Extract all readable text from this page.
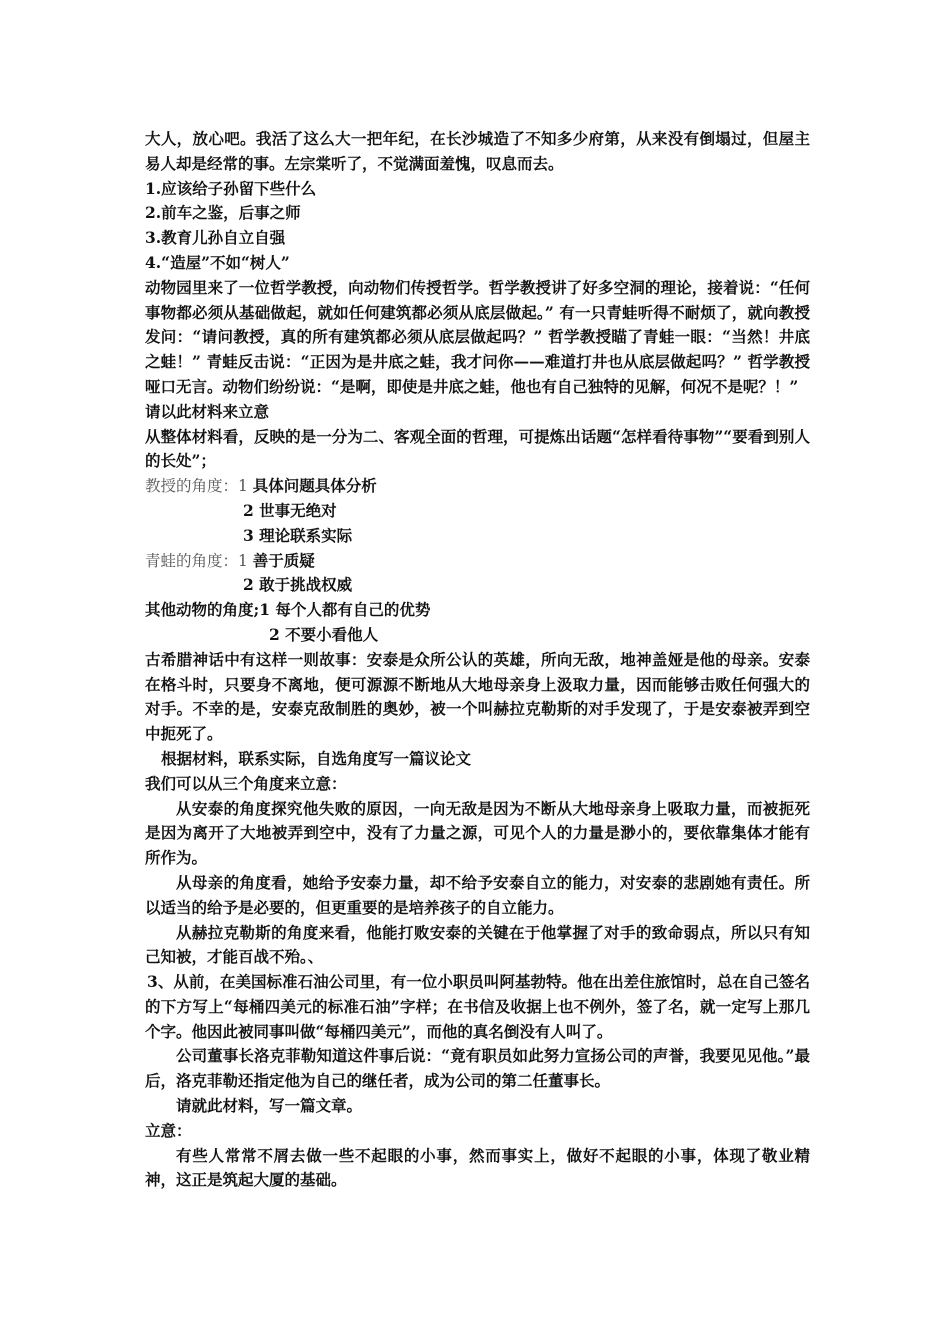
大人，放心吧。我活了这么大一把年纪，在长沙城造了不知多少府第，从来没有倒塌过，但屋主易人却是经常的事。左宗棠听了，不觉满面羞愧，叹息而去。

1.应该给子孙留下些什么

2.前车之鉴，后事之师

3.教育儿孙自立自强

4.“造屋”不如“树人”

动物园里来了一位哲学教授，向动物们传授哲学。哲学教授讲了好多空洞的理论，接着说：“任何事物都必须从基础做起，就如任何建筑都必须从底层做起。” 有一只青蛙听得不耐烦了，就向教授发问：“请问教授，真的所有建筑都必须从底层做起吗？” 哲学教授瞄了青蛙一眼：“当然！井底之蛙！” 青蛙反击说：“正因为是井底之蛙，我才问你——难道打井也从底层做起吗？” 哲学教授哑口无言。动物们纷纷说：“是啊，即使是井底之蛙，他也有自己独特的见解，何况不是呢？！”

请以此材料来立意

从整体材料看，反映的是一分为二、客观全面的哲理，可提炼出话题“怎样看待事物”“要看到别人的长处”；

教授的角度：1 具体问题具体分析

2 世事无绝对

3 理论联系实际

青蛙的角度：1 善于质疑

2 敢于挑战权威

其他动物的角度;1 每个人都有自己的优势

2 不要小看他人

古希腊神话中有这样一则故事：安泰是众所公认的英雄，所向无敌，地神盖娅是他的母亲。安泰在格斗时，只要身不离地，便可源源不断地从大地母亲身上汲取力量，因而能够击败任何强大的对手。不幸的是，安泰克敌制胜的奥妙，被一个叫赫拉克勒斯的对手发现了，于是安泰被弄到空中扼死了。

根据材料，联系实际，自选角度写一篇议论文

我们可以从三个角度来立意：

从安泰的角度探究他失败的原因，一向无敌是因为不断从大地母亲身上吸取力量，而被扼死是因为离开了大地被弄到空中，没有了力量之源，可见个人的力量是渺小的，要依靠集体才能有所作为。

从母亲的角度看，她给予安泰力量，却不给予安泰自立的能力，对安泰的悲剧她有责任。所以适当的给予是必要的，但更重要的是培养孩子的自立能力。

从赫拉克勒斯的角度来看，他能打败安泰的关键在于他掌握了对手的致命弱点，所以只有知己知被，才能百战不殆。、

3、从前，在美国标准石油公司里，有一位小职员叫阿基勃特。他在出差住旅馆时，总在自己签名的下方写上“每桶四美元的标准石油”字样；在书信及收据上也不例外，签了名，就一定写上那几个字。他因此被同事叫做“每桶四美元”，而他的真名倒没有人叫了。

公司董事长洛克菲勒知道这件事后说：“竟有职员如此努力宣扬公司的声誉，我要见见他。”最后，洛克菲勒还指定他为自己的继任者，成为公司的第二任董事长。

请就此材料，写一篇文章。

立意：

有些人常常不屑去做一些不起眼的小事，然而事实上，做好不起眼的小事，体现了敬业精神，这正是筑起大厦的基础。
